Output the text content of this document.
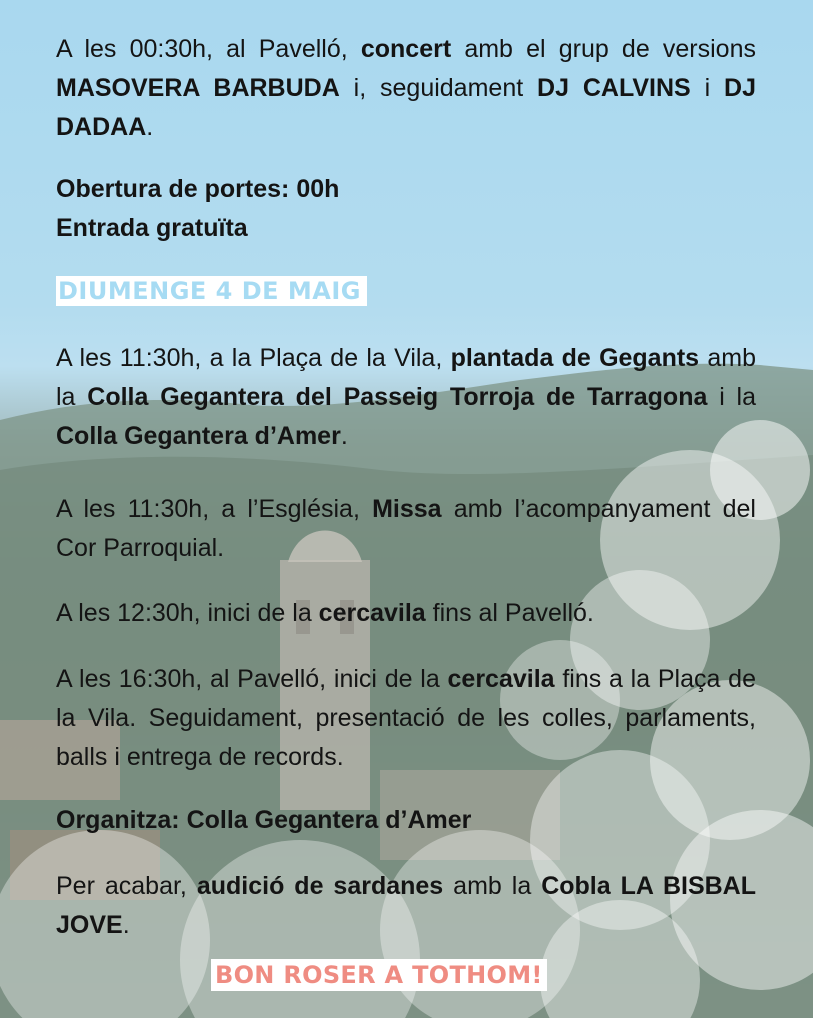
A les 00:30h, al Pavelló, concert amb el grup de versions MASOVERA BARBUDA i, seguidament DJ CALVINS i DJ DADAA.

Obertura de portes: 00h

Entrada gratuïta

DIUMENGE 4 DE MAIG

A les 11:30h, a la Plaça de la Vila, plantada de Gegants amb la Colla Gegantera del Passeig Torroja de Tarragona i la Colla Gegantera d’Amer.

A les 11:30h, a l’Església, Missa amb l’acompanyament del Cor Parroquial.

A les 12:30h, inici de la cercavila fins al Pavelló.

A les 16:30h, al Pavelló, inici de la cercavila fins a la Plaça de la Vila. Seguidament, presentació de les colles, parlaments, balls i entrega de records.

Organitza: Colla Gegantera d’Amer

Per acabar, audició de sardanes amb la Cobla LA BISBAL JOVE.

BON ROSER A TOTHOM!
